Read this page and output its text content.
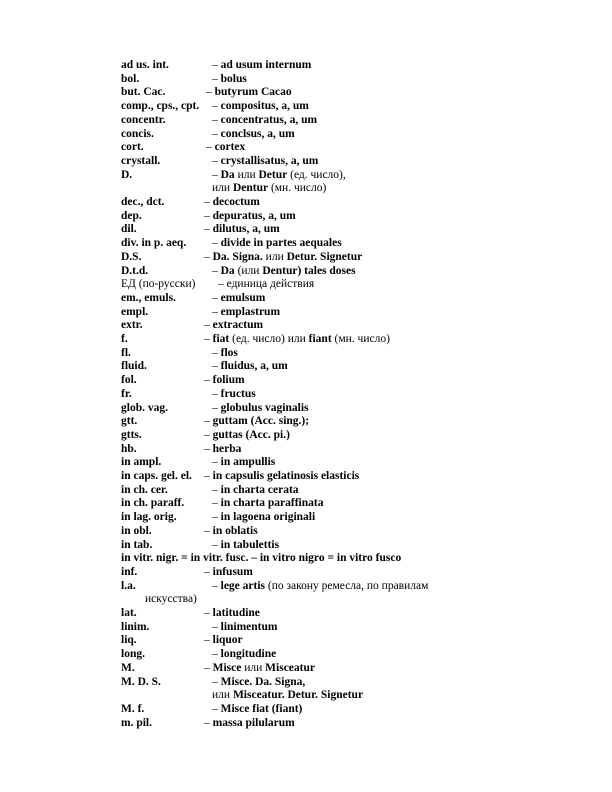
ad us. int.	– ad usum internum
bol.	– bolus
but. Cac.	– butyrum Cacao
comp., cps., cpt. – compositus, a, um
concentr.	– concentratus, a, um
concis.	– conclsus, a, um
cort.	– cortex
crystall.	– crystallisatus, a, um
D.	– Da или Detur (ед. число),
или Dentur (мн. число)
dec., dct.	– decoctum
dep.	– depuratus, a, um
dil.	– dilutus, a, um
div. in p. aeq. – divide in partes aequales
D.S.	– Da. Signa. или Detur. Signetur
D.t.d.	– Da (или Dentur) tales doses
ЕД (по-русски) – единица действия
em., emuls.	– emulsum
empl.	– emplastrum
extr.	– extractum
f.	– fiat (ед. число) или fiant (мн. число)
fl.	– flos
fluid.	– fluidus, a, um
fol.	– folium
fr.	– fructus
glob. vag.	– globulus vaginalis
gtt.	– guttam (Acc. sing.);
gtts.	– guttas (Acc. pi.)
hb.	– herba
in ampl.	– in ampullis
in caps. gel. el. – in capsulis gelatinosis elasticis
in ch. cer.	– in charta cerata
in ch. paraff. – in charta paraffinata
in lag. orig.	– in lagoena originali
in obl.	– in oblatis
in tab.	– in tabulettis
in vitr. nigr. = in vitr. fusc. – in vitro nigro = in vitro fusco
inf.	– infusum
l.a.	– lege artis (по закону ремесла, по правилам
искусства)
lat.	– latitudine
linim.	– linimentum
liq.	– liquor
long.	– longitudine
M.	– Misce или Misceatur
M. D. S.	– Misce. Da. Signa,
или Misceatur. Detur. Signetur
M. f.	– Misce fiat (fiant)
m. pil.	– massa pilularum
